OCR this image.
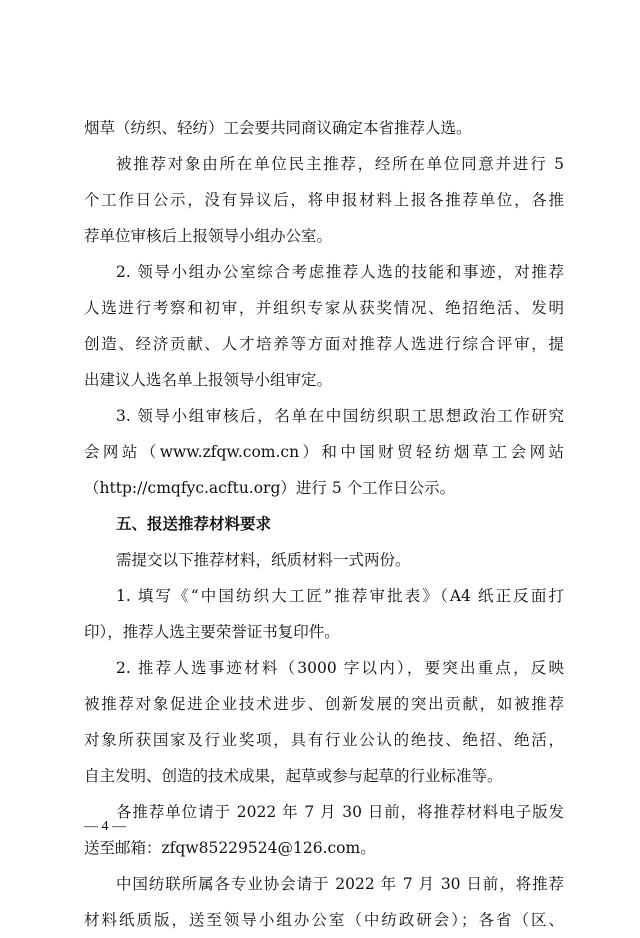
烟草（纺织、轻纺）工会要共同商议确定本省推荐人选。
被推荐对象由所在单位民主推荐，经所在单位同意并进行 5
个工作日公示，没有异议后，将申报材料上报各推荐单位，各推
荐单位审核后上报领导小组办公室。
2. 领导小组办公室综合考虑推荐人选的技能和事迹，对推荐
人选进行考察和初审，并组织专家从获奖情况、绝招绝活、发明
创造、经济贡献、人才培养等方面对推荐人选进行综合评审，提
出建议人选名单上报领导小组审定。
3. 领导小组审核后，名单在中国纺织职工思想政治工作研究
会网站（www.zfqw.com.cn）和中国财贸轻纺烟草工会网站
（http://cmqfyc.acftu.org）进行 5 个工作日公示。
五、报送推荐材料要求
需提交以下推荐材料，纸质材料一式两份。
1. 填写《“中国纺织大工匠”推荐审批表》（A4 纸正反面打
印），推荐人选主要荣誉证书复印件。
2. 推荐人选事迹材料（3000 字以内），要突出重点，反映
被推荐对象促进企业技术进步、创新发展的突出贡献，如被推荐
对象所获国家及行业奖项，具有行业公认的绝技、绝招、绝活，
自主发明、创造的技术成果，起草或参与起草的行业标准等。
各推荐单位请于 2022 年 7 月 30 日前，将推荐材料电子版发
送至邮箱：zfqw85229524@126.com。
中国纺联所属各专业协会请于 2022 年 7 月 30 日前，将推荐
材料纸质版，送至领导小组办公室（中纺政研会）；各省（区、
— 4 —
